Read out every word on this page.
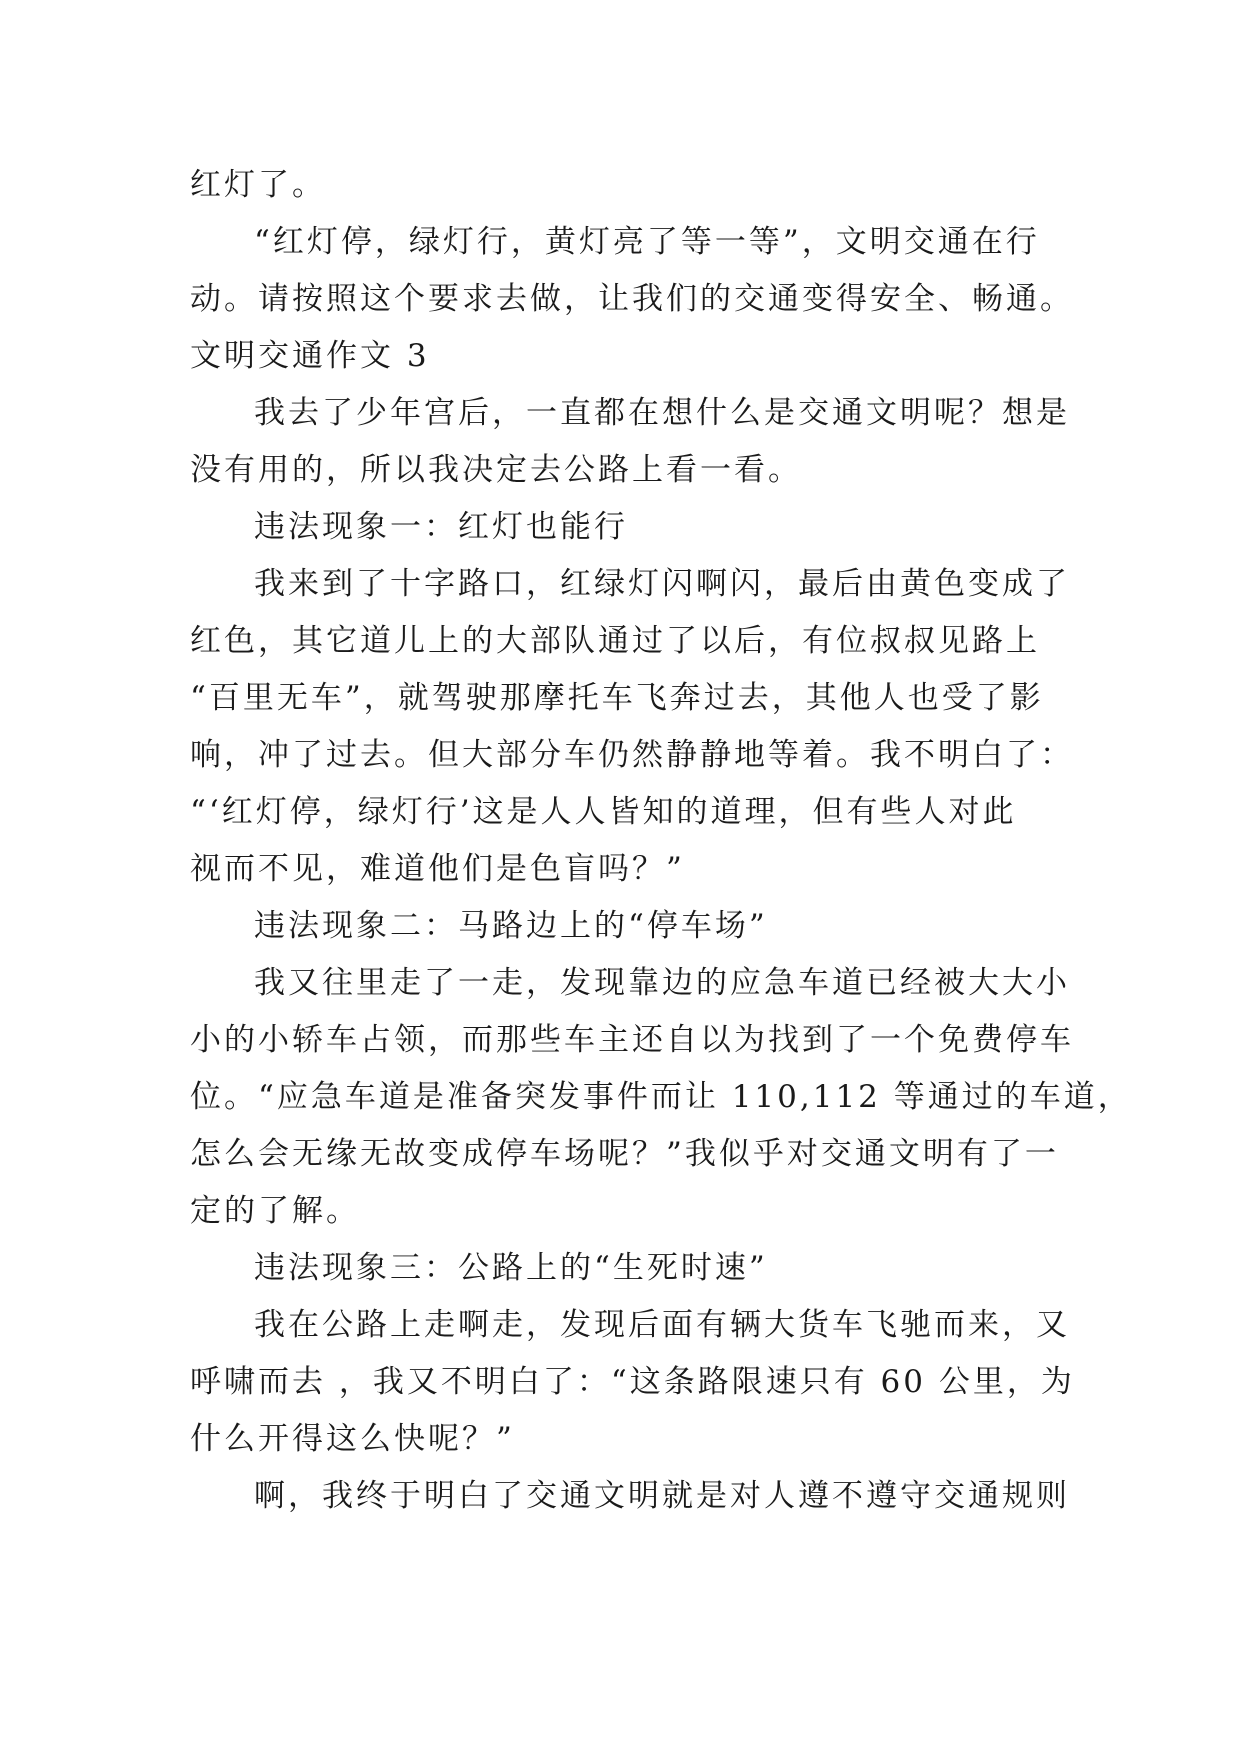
红灯了。
“红灯停，绿灯行，黄灯亮了等一等”，文明交通在行
动。请按照这个要求去做，让我们的交通变得安全、畅通。
文明交通作文 3
我去了少年宫后，一直都在想什么是交通文明呢？想是
没有用的，所以我决定去公路上看一看。
违法现象一：红灯也能行
我来到了十字路口，红绿灯闪啊闪，最后由黄色变成了
红色，其它道儿上的大部队通过了以后，有位叔叔见路上
“百里无车”，就驾驶那摩托车飞奔过去，其他人也受了影
响，冲了过去。但大部分车仍然静静地等着。我不明白了：
“‘红灯停，绿灯行’这是人人皆知的道理，但有些人对此
视而不见，难道他们是色盲吗？”
违法现象二：马路边上的“停车场”
我又往里走了一走，发现靠边的应急车道已经被大大小
小的小轿车占领，而那些车主还自以为找到了一个免费停车
位。“应急车道是准备突发事件而让 110,112 等通过的车道，
怎么会无缘无故变成停车场呢？”我似乎对交通文明有了一
定的了解。
违法现象三：公路上的“生死时速”
我在公路上走啊走，发现后面有辆大货车飞驰而来，又
呼啸而去 ，我又不明白了：“这条路限速只有 60 公里，为
什么开得这么快呢？”
啊，我终于明白了交通文明就是对人遵不遵守交通规则
